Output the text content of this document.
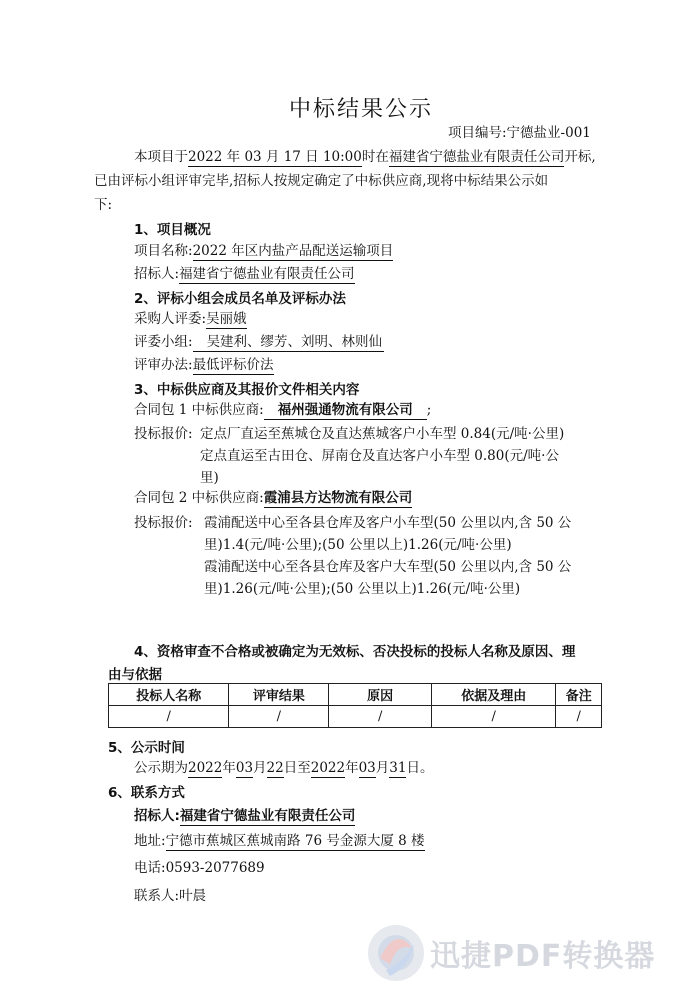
中标结果公示
项目编号:宁德盐业-001
本项目于2022 年 03 月 17 日 10:00时在福建省宁德盐业有限责任公司开标,
已由评标小组评审完毕,招标人按规定确定了中标供应商,现将中标结果公示如
下:
1、项目概况
项目名称:2022 年区内盐产品配送运输项目
招标人:福建省宁德盐业有限责任公司
2、评标小组会成员名单及评标办法
采购人评委:吴丽娥
评委小组: 吴建利、缪芳、刘明、林则仙
评审办法:最低评标价法
3、中标供应商及其报价文件相关内容
合同包 1 中标供应商: 福州强通物流有限公司 ;
投标报价: 定点厂直运至蕉城仓及直达蕉城客户小车型 0.84(元/吨·公里)
定点直运至古田仓、屏南仓及直达客户小车型 0.80(元/吨·公
里)
合同包 2 中标供应商:霞浦县方达物流有限公司
投标报价: 霞浦配送中心至各县仓库及客户小车型(50 公里以内,含 50 公
里)1.4(元/吨·公里);(50 公里以上)1.26(元/吨·公里)
霞浦配送中心至各县仓库及客户大车型(50 公里以内,含 50 公
里)1.26(元/吨·公里);(50 公里以上)1.26(元/吨·公里)
4、资格审查不合格或被确定为无效标、否决投标的投标人名称及原因、理
由与依据
投标人名称	评审结果	原因	依据及理由	备注
/	/	/	/	/
5、公示时间
公示期为2022年03月22日至2022年03月31日。
6、联系方式
招标人:福建省宁德盐业有限责任公司
地址:宁德市蕉城区蕉城南路 76 号金源大厦 8 楼
电话:0593-2077689
联系人:叶晨
迅捷PDF转换器
